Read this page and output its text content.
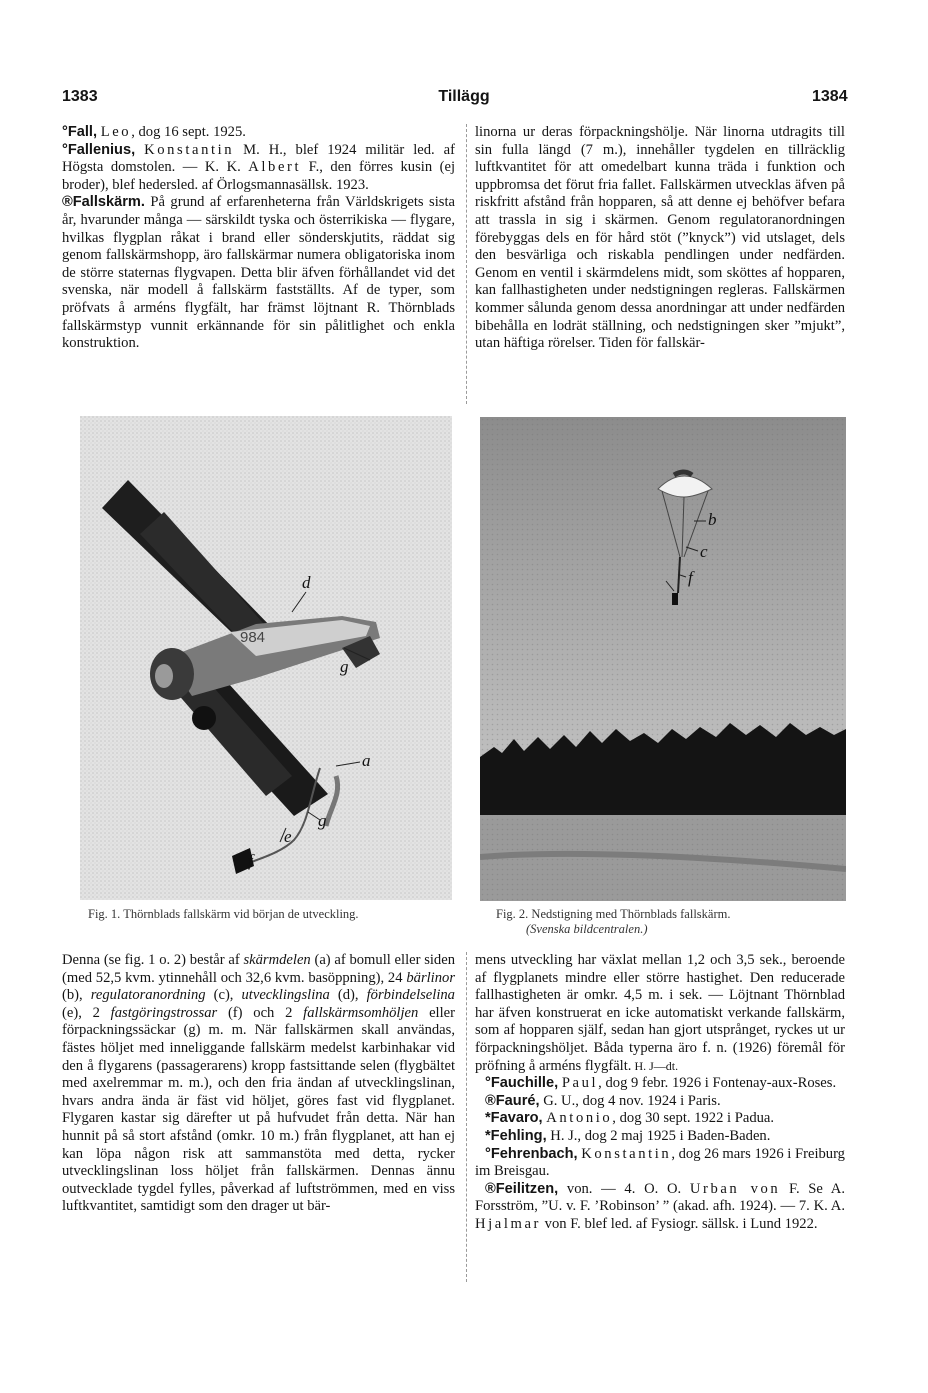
1383	Tillägg	1384

°Fall, Leo, dog 16 sept. 1925.

°Fallenius, Konstantin M. H., blef 1924 militär led. af Högsta domstolen. — K. K. Albert F., den förres kusin (ej broder), blef hedersled. af Örlogsmannasällsk. 1923.

®Fallskärm. På grund af erfarenheterna från Världskrigets sista år, hvarunder många — särskildt tyska och österrikiska — flygare, hvilkas flygplan råkat i brand eller sönderskjutits, räddat sig genom fallskärmshopp, äro fallskärmar numera obligatoriska inom de större staternas flygvapen. Detta blir äfven förhållandet vid det svenska, när modell å fallskärm fastställts. Af de typer, som pröfvats å arméns flygfält, har främst löjtnant R. Thörnblads fallskärmstyp vunnit erkännande för sin pålitlighet och enkla konstruktion.

linorna ur deras förpackningshölje. När linorna utdragits till sin fulla längd (7 m.), innehåller tygdelen en tillräcklig luftkvantitet för att omedelbart kunna träda i funktion och uppbromsa det förut fria fallet. Fallskärmen utvecklas äfven på riskfritt afstånd från hopparen, så att denne ej behöfver befara att trassla in sig i skärmen. Genom regulatoranordningen förebyggas dels en för hård stöt (”knyck”) vid utslaget, dels den besvärliga och riskabla pendlingen under nedfärden. Genom en ventil i skärmdelens midt, som sköttes af hopparen, kan fallhastigheten under nedstigningen regleras. Fallskärmen kommer sålunda genom dessa anordningar att under nedfärden bibehålla en lodrät ställning, och nedstigningen sker ”mjukt”, utan häftiga rörelser. Tiden för fallskär-

984
d
g
a
g
e
f
Fig. 1. Thörnblads fallskärm vid början de utveckling.
b
c
f
Fig. 2. Nedstigning med Thörnblads fallskärm.
(Svenska bildcentralen.)

Denna (se fig. 1 o. 2) består af skärmdelen (a) af bomull eller siden (med 52,5 kvm. ytinnehåll och 32,6 kvm. basöppning), 24 bärlinor (b), regulatoranordning (c), utvecklingslina (d), förbindelselina (e), 2 fastgöringstrossar (f) och 2 fallskärmsomhöljen eller förpackningssäckar (g) m. m. När fallskärmen skall användas, fästes höljet med inneliggande fallskärm medelst karbinhakar vid den å flygarens (passagerarens) kropp fastsittande selen (flygbältet med axelremmar m. m.), och den fria ändan af utvecklingslinan, hvars andra ända är fäst vid höljet, göres fast vid flygplanet. Flygaren kastar sig därefter ut på hufvudet från detta. När han hunnit på så stort afstånd (omkr. 10 m.) från flygplanet, att han ej kan löpa någon risk att sammanstöta med detta, rycker utvecklingslinan loss höljet från fallskärmen. Dennas ännu outvecklade tygdel fylles, påverkad af luftströmmen, med en viss luftkvantitet, samtidigt som den drager ut bär-

mens utveckling har växlat mellan 1,2 och 3,5 sek., beroende af flygplanets mindre eller större hastighet. Den reducerade fallhastigheten är omkr. 4,5 m. i sek. — Löjtnant Thörnblad har äfven konstruerat en icke automatiskt verkande fallskärm, som af hopparen själf, sedan han gjort utsprånget, ryckes ut ur förpackningshöljet. Båda typerna äro f. n. (1926) föremål för pröfning å arméns flygfält. H. J—dt.

°Fauchille, Paul, dog 9 febr. 1926 i Fontenay-aux-Roses.

®Fauré, G. U., dog 4 nov. 1924 i Paris.

*Favaro, Antonio, dog 30 sept. 1922 i Padua.

*Fehling, H. J., dog 2 maj 1925 i Baden-Baden.

°Fehrenbach, Konstantin, dog 26 mars 1926 i Freiburg im Breisgau.

®Feilitzen, von. — 4. O. O. Urban von F. Se A. Forsström, ”U. v. F. ’Robinson’ ” (akad. afh. 1924). — 7. K. A. Hjalmar von F. blef led. af Fysiogr. sällsk. i Lund 1922.
